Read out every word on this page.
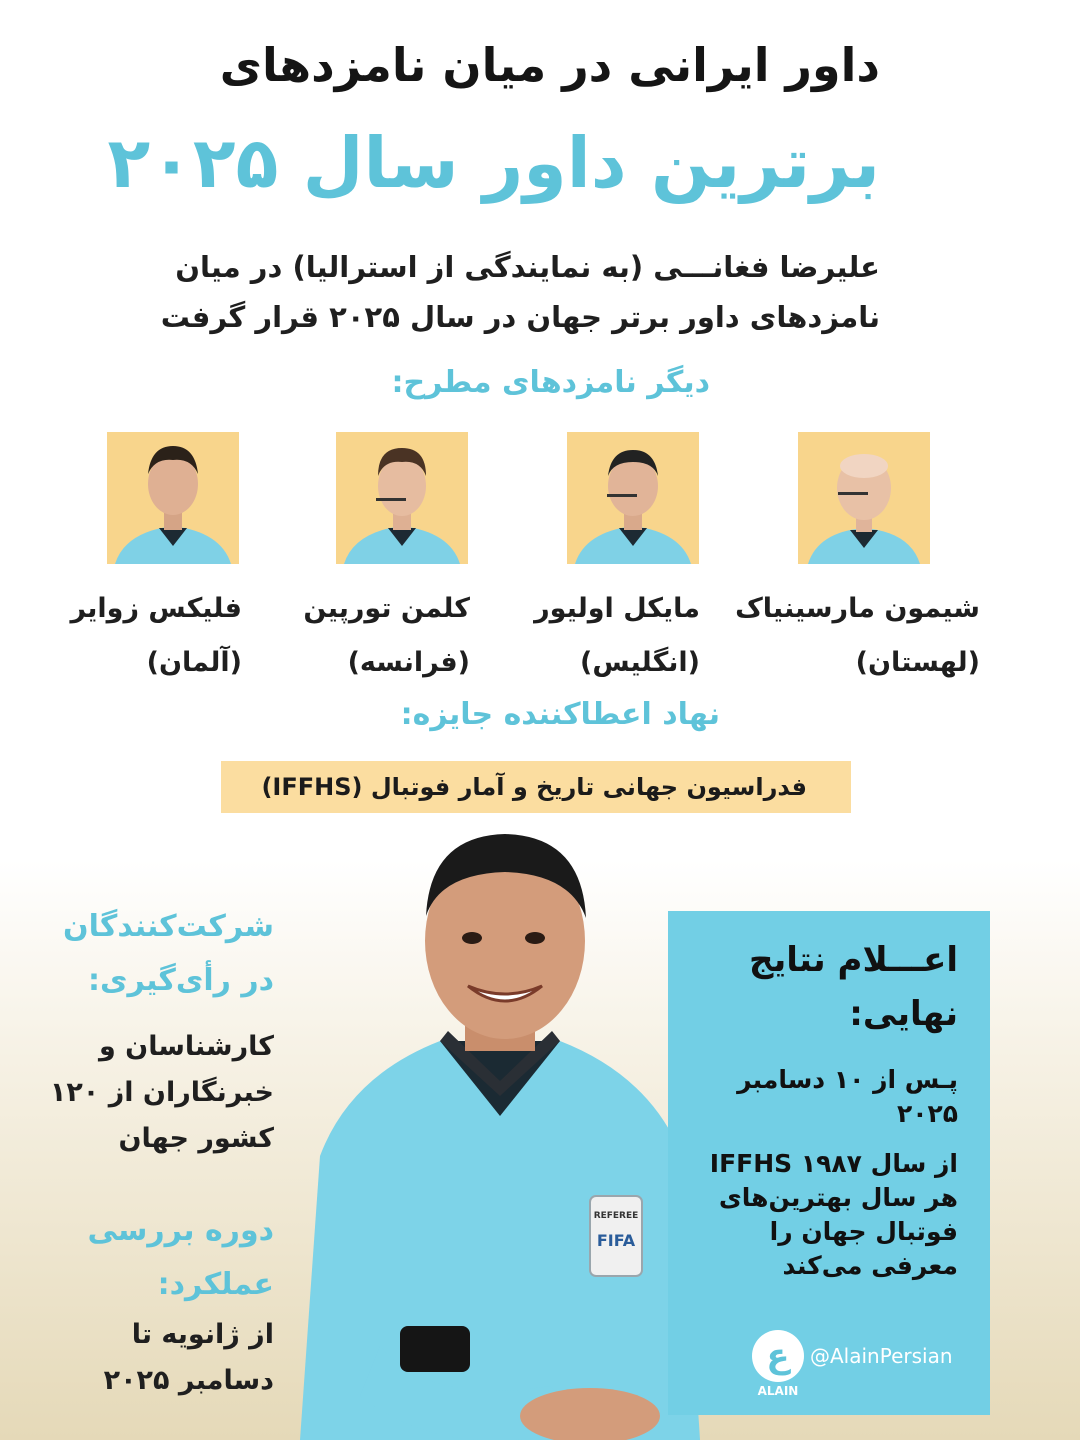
داور ایرانی در میان نامزدهای
برترین داور سال ۲۰۲۵
علیرضا فغانـــی (به نمایندگی از استرالیا) در میان
نامزدهای داور برتر جهان در سال ۲۰۲۵ قرار گرفت
دیگر نامزدهای مطرح:
شیمون مارسینیاک
(لهستان)
مایکل اولیور
(انگلیس)
کلمن تورپین
(فرانسه)
فلیکس زوایر
(آلمان)
نهاد اعطاکننده جایزه:
فدراسیون جهانی تاریخ و آمار فوتبال (IFFHS)
REFEREE
FIFA
شرکت‌کنندگان
در رأی‌گیری:
کارشناسان و
خبرنگاران از ۱۲۰
کشور جهان
دوره بررسی
عملکرد:
از ژانویه تا
دسامبر ۲۰۲۵
اعـــلام نتایج
نهایی:
پـس از ۱۰ دسامبر
۲۰۲۵
از سال ۱۹۸۷ IFFHS
هر سال بهترین‌های
فوتبال جهان را
معرفی می‌کند
ع
ALAIN
@AlainPersian
